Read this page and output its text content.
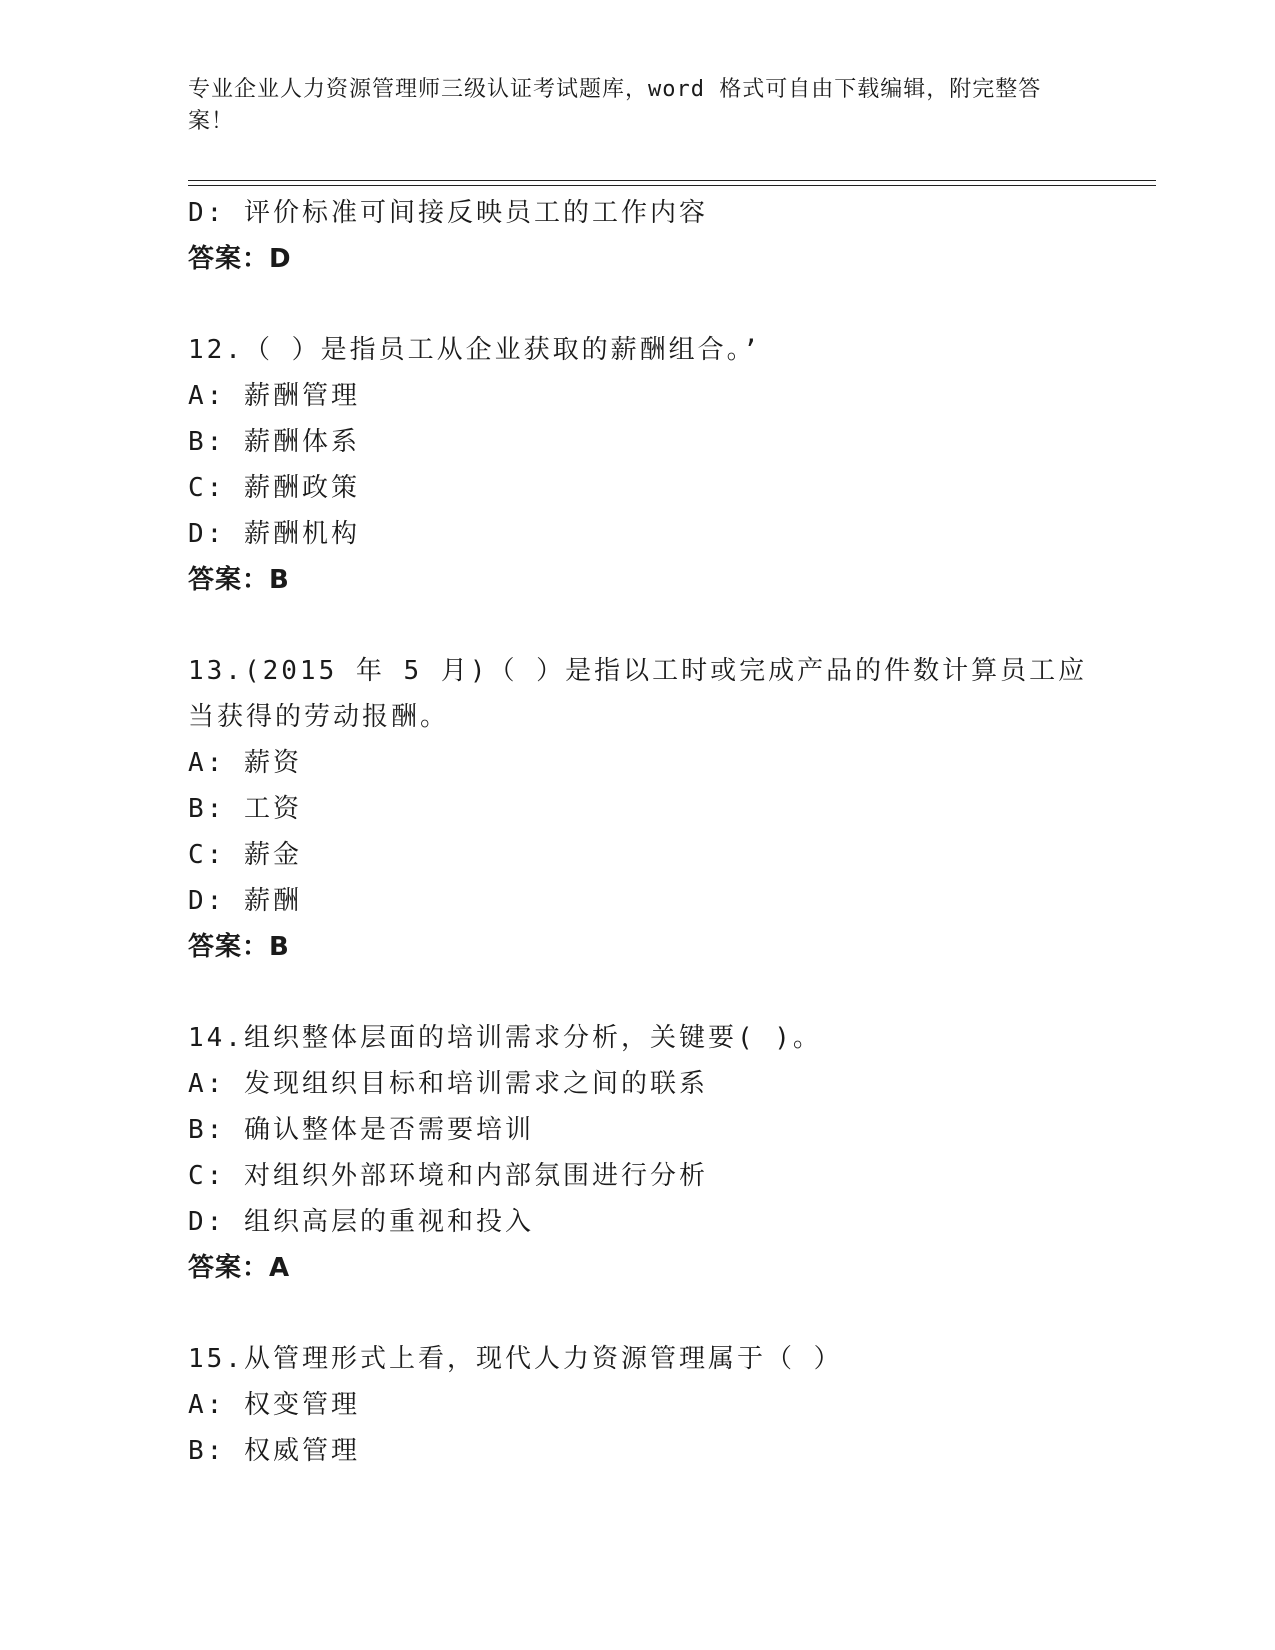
专业企业人力资源管理师三级认证考试题库，word 格式可自由下载编辑，附完整答案！
D: 评价标准可间接反映员工的工作内容
答案：D
12.（ ）是指员工从企业获取的薪酬组合。’
A: 薪酬管理
B: 薪酬体系
C: 薪酬政策
D: 薪酬机构
答案：B
13.(2015 年 5 月)（ ）是指以工时或完成产品的件数计算员工应当获得的劳动报酬。
A: 薪资
B: 工资
C: 薪金
D: 薪酬
答案：B
14.组织整体层面的培训需求分析，关键要( )。
A: 发现组织目标和培训需求之间的联系
B: 确认整体是否需要培训
C: 对组织外部环境和内部氛围进行分析
D: 组织高层的重视和投入
答案：A
15.从管理形式上看，现代人力资源管理属于（ ）
A: 权变管理
B: 权威管理
